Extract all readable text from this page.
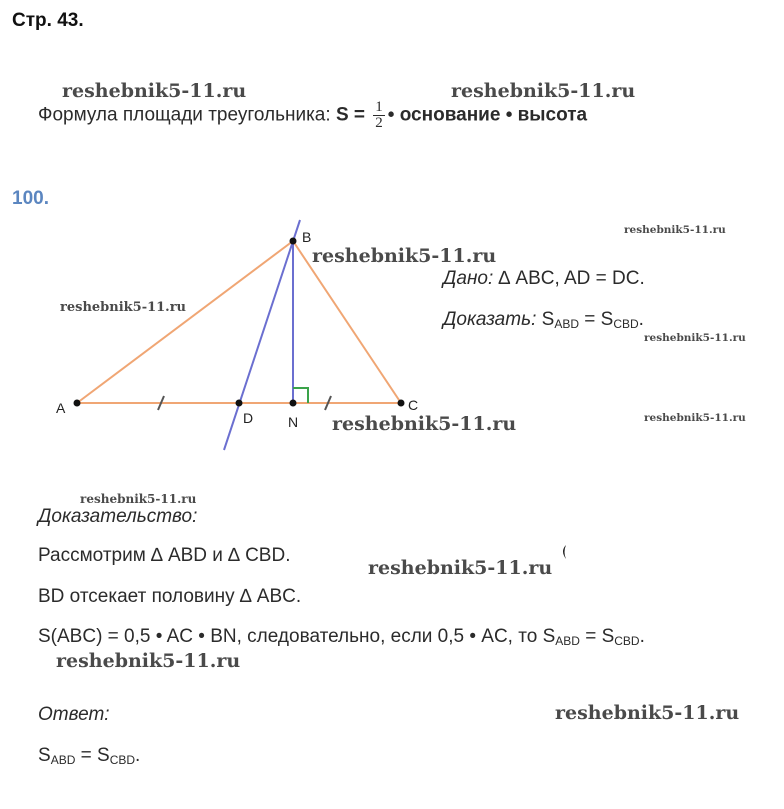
Стр. 43.
reshebnik5-11.ru	reshebnik5-11.ru
Формула площади треугольника: $S = \frac{1}{2}$ • основание • высота
100.
A
B
C
D N
reshebnik5-11.ru
reshebnik5-11.ru
reshebnik5-11.ru
reshebnik5-11.ru
reshebnik5-11.ru
reshebnik5-11.ru
Дано: ∆ ABC, AD = DC.
Доказать: $S_{ABD} = S_{CBD}$.
reshebnik5-11.ru
Доказательство:
Рассмотрим ∆ ABD и ∆ CBD.
reshebnik5-11.ru
BD отсекает половину ∆ ABC.
S(ABC) = 0,5 • AC • BN, следовательно, если 0,5 • AC, то $S_{ABD} = S_{CBD}$.
reshebnik5-11.ru
Ответ:	reshebnik5-11.ru
$S_{ABD} = S_{CBD}$.
